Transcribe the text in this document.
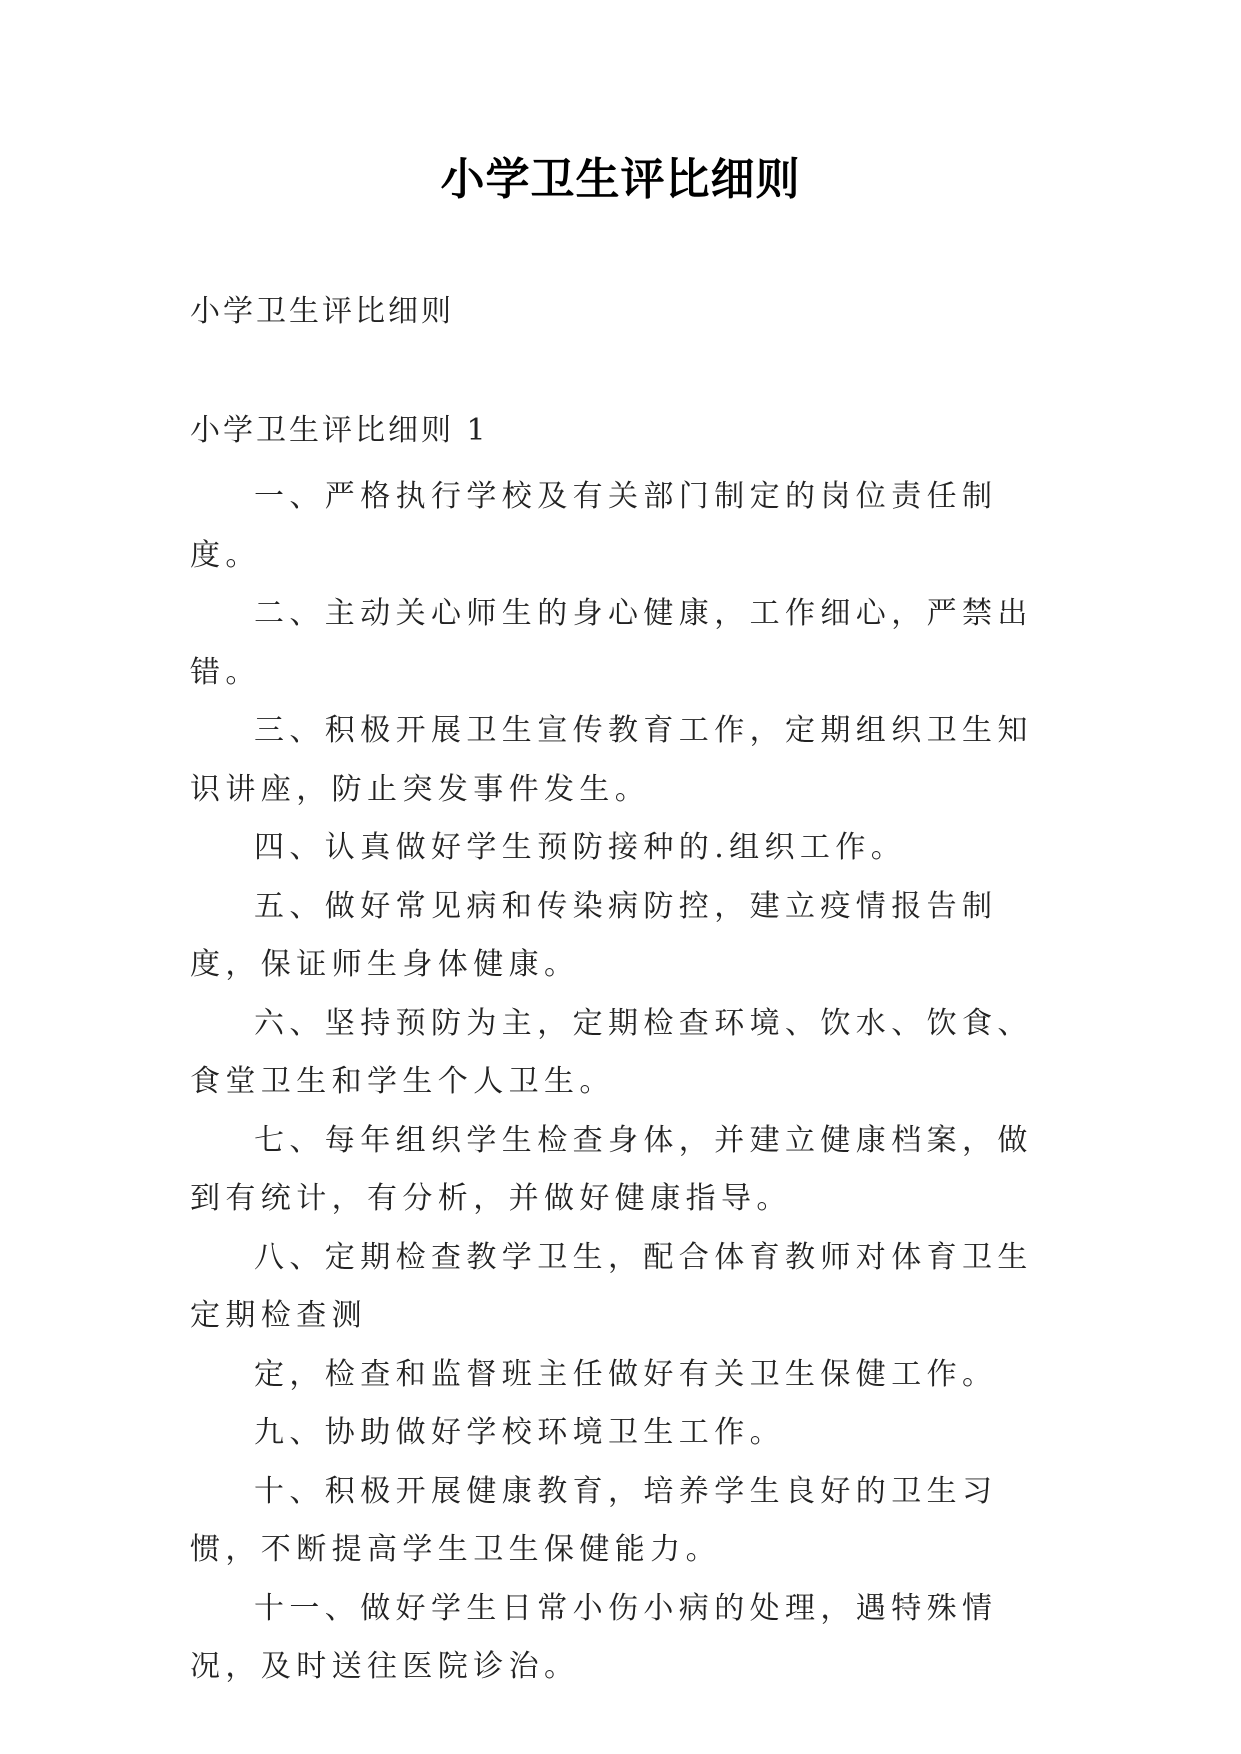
小学卫生评比细则
小学卫生评比细则
小学卫生评比细则 1

一、严格执行学校及有关部门制定的岗位责任制度。

二、主动关心师生的身心健康，工作细心，严禁出错。

三、积极开展卫生宣传教育工作，定期组织卫生知识讲座，防止突发事件发生。

四、认真做好学生预防接种的.组织工作。

五、做好常见病和传染病防控，建立疫情报告制度，保证师生身体健康。

六、坚持预防为主，定期检查环境、饮水、饮食、食堂卫生和学生个人卫生。

七、每年组织学生检查身体，并建立健康档案，做到有统计，有分析，并做好健康指导。

八、定期检查教学卫生，配合体育教师对体育卫生定期检查测

定，检查和监督班主任做好有关卫生保健工作。

九、协助做好学校环境卫生工作。

十、积极开展健康教育，培养学生良好的卫生习惯，不断提高学生卫生保健能力。

十一、做好学生日常小伤小病的处理，遇特殊情况，及时送往医院诊治。
